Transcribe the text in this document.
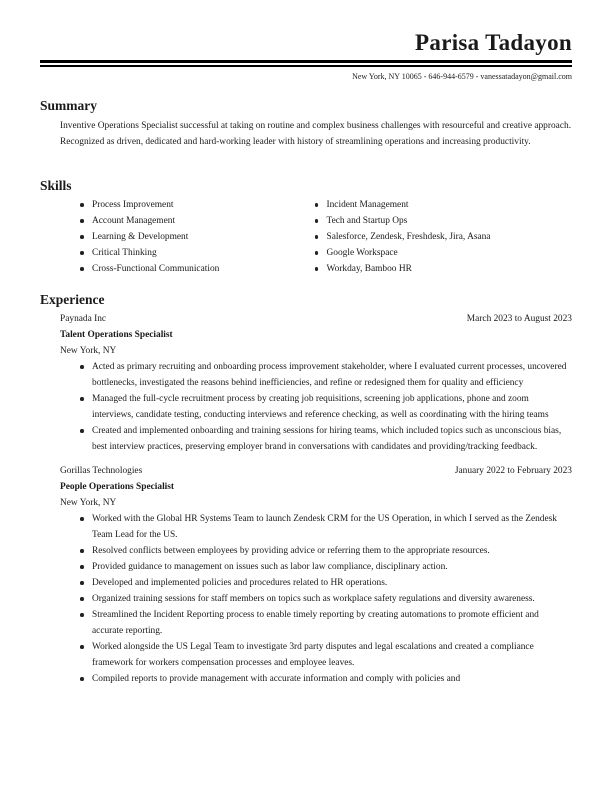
Parisa Tadayon
New York, NY 10065 - 646-944-6579 - vanessatadayon@gmail.com
Summary
Inventive Operations Specialist successful at taking on routine and complex business challenges with resourceful and creative approach. Recognized as driven, dedicated and hard-working leader with history of streamlining operations and increasing productivity.
Skills
Process Improvement
Account Management
Learning & Development
Critical Thinking
Cross-Functional Communication
Incident Management
Tech and Startup Ops
Salesforce, Zendesk, Freshdesk, Jira, Asana
Google Workspace
Workday, Bamboo HR
Experience
Paynada Inc	March 2023 to August 2023
Talent Operations Specialist
New York, NY
Acted as primary recruiting and onboarding process improvement stakeholder, where I evaluated current processes, uncovered bottlenecks, investigated the reasons behind inefficiencies, and refine or redesigned them for quality and efficiency
Managed the full-cycle recruitment process by creating job requisitions, screening job applications, phone and zoom interviews, candidate testing, conducting interviews and reference checking, as well as coordinating with the hiring teams
Created and implemented onboarding and training sessions for hiring teams, which included topics such as unconscious bias, best interview practices, preserving employer brand in conversations with candidates and providing/tracking feedback.
Gorillas Technologies	January 2022 to February 2023
People Operations Specialist
New York, NY
Worked with the Global HR Systems Team to launch Zendesk CRM for the US Operation, in which I served as the Zendesk Team Lead for the US.
Resolved conflicts between employees by providing advice or referring them to the appropriate resources.
Provided guidance to management on issues such as labor law compliance, disciplinary action.
Developed and implemented policies and procedures related to HR operations.
Organized training sessions for staff members on topics such as workplace safety regulations and diversity awareness.
Streamlined the Incident Reporting process to enable timely reporting by creating automations to promote efficient and accurate reporting.
Worked alongside the US Legal Team to investigate 3rd party disputes and legal escalations and created a compliance framework for workers compensation processes and employee leaves.
Compiled reports to provide management with accurate information and comply with policies and
